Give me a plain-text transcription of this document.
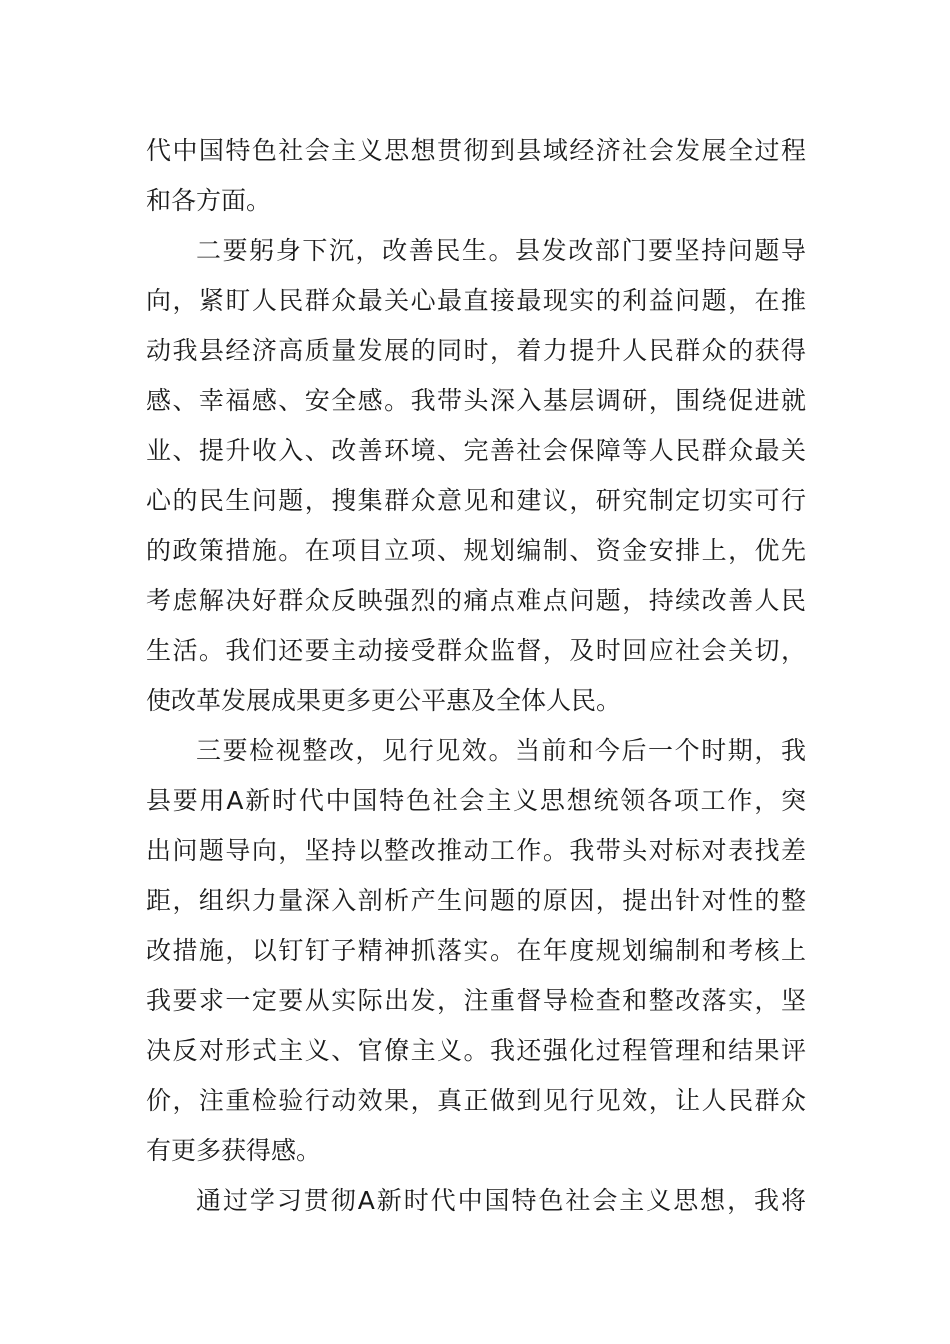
代中国特色社会主义思想贯彻到县域经济社会发展全过程
和各方面。
二要躬身下沉，改善民生。县发改部门要坚持问题导
向，紧盯人民群众最关心最直接最现实的利益问题，在推
动我县经济高质量发展的同时，着力提升人民群众的获得
感、幸福感、安全感。我带头深入基层调研，围绕促进就
业、提升收入、改善环境、完善社会保障等人民群众最关
心的民生问题，搜集群众意见和建议，研究制定切实可行
的政策措施。在项目立项、规划编制、资金安排上，优先
考虑解决好群众反映强烈的痛点难点问题，持续改善人民
生活。我们还要主动接受群众监督，及时回应社会关切，
使改革发展成果更多更公平惠及全体人民。
三要检视整改，见行见效。当前和今后一个时期，我
县要用A新时代中国特色社会主义思想统领各项工作，突
出问题导向，坚持以整改推动工作。我带头对标对表找差
距，组织力量深入剖析产生问题的原因，提出针对性的整
改措施，以钉钉子精神抓落实。在年度规划编制和考核上
我要求一定要从实际出发，注重督导检查和整改落实，坚
决反对形式主义、官僚主义。我还强化过程管理和结果评
价，注重检验行动效果，真正做到见行见效，让人民群众
有更多获得感。
通过学习贯彻A新时代中国特色社会主义思想，我将
